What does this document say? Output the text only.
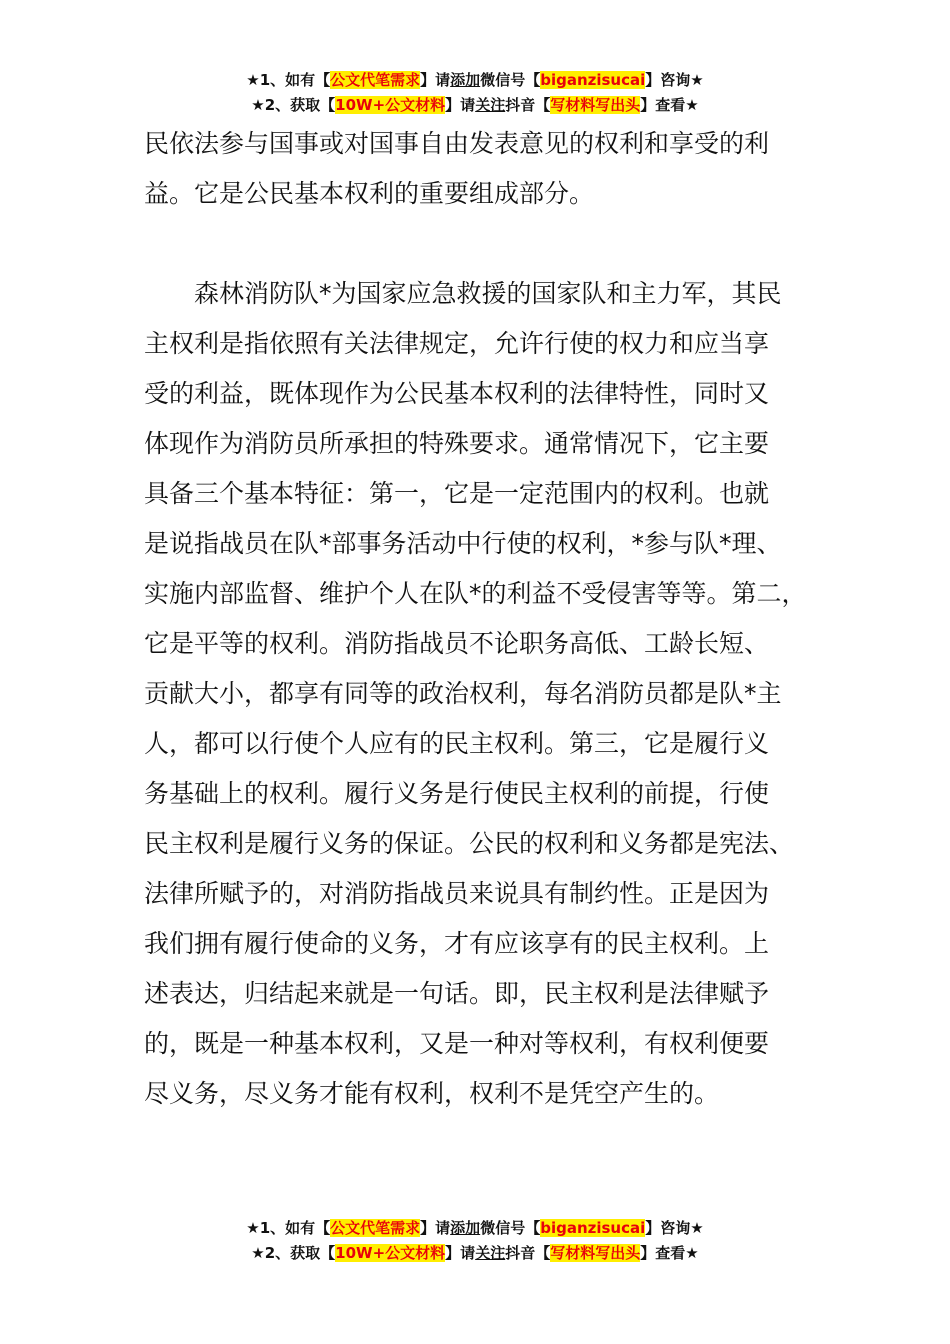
★1、如有【公文代笔需求】请添加微信号【biganzisucai】咨询★
★2、获取【10W+公文材料】请关注抖音【写材料写出头】查看★

民依法参与国事或对国事自由发表意见的权利和享受的利
益。它是公民基本权利的重要组成部分。

森林消防队*为国家应急救援的国家队和主力军，其民
主权利是指依照有关法律规定，允许行使的权力和应当享
受的利益，既体现作为公民基本权利的法律特性，同时又
体现作为消防员所承担的特殊要求。通常情况下，它主要
具备三个基本特征：第一，它是一定范围内的权利。也就
是说指战员在队*部事务活动中行使的权利，*参与队*理、
实施内部监督、维护个人在队*的利益不受侵害等等。第二，
它是平等的权利。消防指战员不论职务高低、工龄长短、
贡献大小，都享有同等的政治权利，每名消防员都是队*主
人，都可以行使个人应有的民主权利。第三，它是履行义
务基础上的权利。履行义务是行使民主权利的前提，行使
民主权利是履行义务的保证。公民的权利和义务都是宪法、
法律所赋予的，对消防指战员来说具有制约性。正是因为
我们拥有履行使命的义务，才有应该享有的民主权利。上
述表达，归结起来就是一句话。即，民主权利是法律赋予
的，既是一种基本权利，又是一种对等权利，有权利便要
尽义务，尽义务才能有权利，权利不是凭空产生的。

★1、如有【公文代笔需求】请添加微信号【biganzisucai】咨询★
★2、获取【10W+公文材料】请关注抖音【写材料写出头】查看★
